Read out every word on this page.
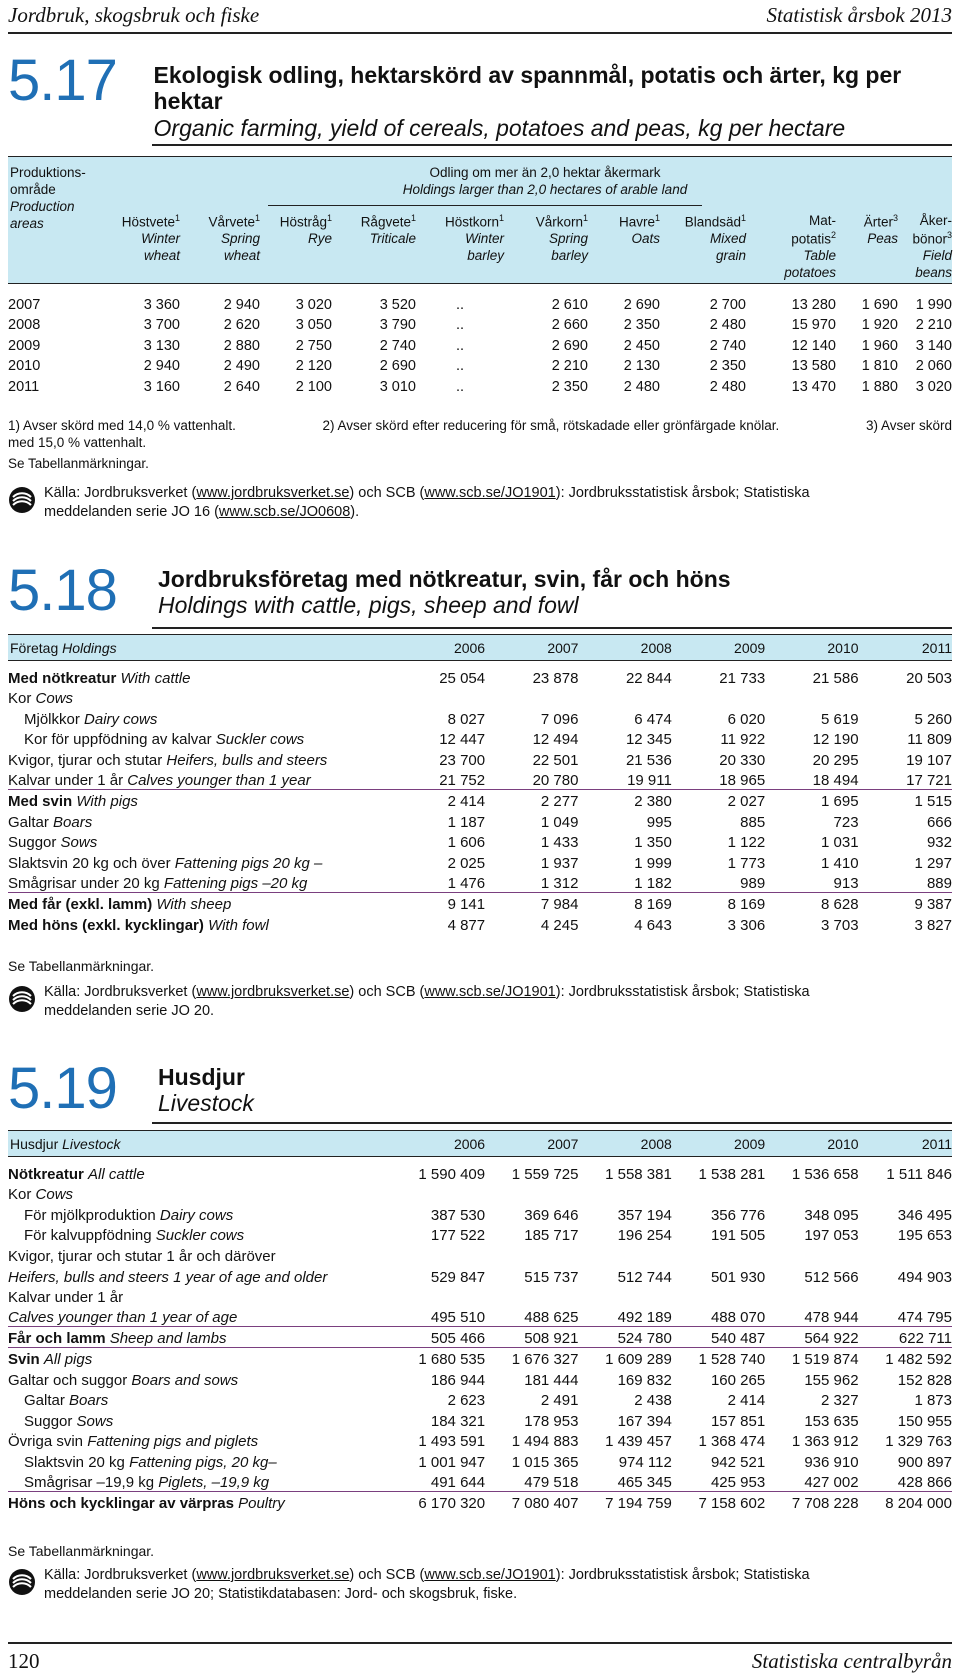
Jordbruk, skogsbruk och fiske	Statistisk årsbok 2013
5.17	Ekologisk odling, hektarskörd av spannmål, potatis och ärter, kg per hektar
Organic farming, yield of cereals, potatoes and peas, kg per hectare
Produktions-
område
Production
areas
Odling om mer än 2,0 hektar åkermark
Holdings larger than 2,0 hectares of arable land

Höstvete$^1$
Winter
wheat

Vårvete$^1$
Spring
wheat

Höstråg$^1$
Rye

Rågvete$^1$
Triticale

Höstkorn$^1$
Winter
barley

Vårkorn$^1$
Spring
barley

Havre$^1$
Oats

Blandsäd$^1$
Mixed
grain

Mat-
potatis$^2$
Table
potatoes

Ärter$^3$
Peas

Åker-
bönor$^3$
Field
beans
2007	3 360	2 940	3 020	3 520	..	2 610	2 690	2 700	13 280	1 690	1 990
2008	3 700	2 620	3 050	3 790	..	2 660	2 350	2 480	15 970	1 920	2 210
2009	3 130	2 880	2 750	2 740	..	2 690	2 450	2 740	12 140	1 960	3 140
2010	2 940	2 490	2 120	2 690	..	2 210	2 130	2 350	13 580	1 810	2 060
2011	3 160	2 640	2 100	3 010	..	2 350	2 480	2 480	13 470	1 880	3 020
1) Avser skörd med 14,0 % vattenhalt.	2) Avser skörd efter reducering för små, rötskadade eller grönfärgade knölar.	3) Avser skörd
med 15,0 % vattenhalt.
Se Tabellanmärkningar.
Källa: Jordbruksverket (www.jordbruksverket.se) och SCB (www.scb.se/JO1901): Jordbruksstatistisk årsbok; Statistiska
meddelanden serie JO 16 (www.scb.se/JO0608).
5.18	Jordbruksföretag med nötkreatur, svin, får och höns
Holdings with cattle, pigs, sheep and fowl
Företag Holdings	2006	2007	2008	2009	2010	2011
Med nötkreatur With cattle	25 054	23 878	22 844	21 733	21 586	20 503
Kor Cows						
Mjölkkor Dairy cows	8 027	7 096	6 474	6 020	5 619	5 260
Kor för uppfödning av kalvar Suckler cows	12 447	12 494	12 345	11 922	12 190	11 809
Kvigor, tjurar och stutar Heifers, bulls and steers	23 700	22 501	21 536	20 330	20 295	19 107
Kalvar under 1 år Calves younger than 1 year	21 752	20 780	19 911	18 965	18 494	17 721
Med svin With pigs	2 414	2 277	2 380	2 027	1 695	1 515
Galtar Boars	1 187	1 049	995	885	723	666
Suggor Sows	1 606	1 433	1 350	1 122	1 031	932
Slaktsvin 20 kg och över Fattening pigs 20 kg –	2 025	1 937	1 999	1 773	1 410	1 297
Smågrisar under 20 kg Fattening pigs –20 kg	1 476	1 312	1 182	989	913	889
Med får (exkl. lamm) With sheep	9 141	7 984	8 169	8 169	8 628	9 387
Med höns (exkl. kycklingar) With fowl	4 877	4 245	4 643	3 306	3 703	3 827
Se Tabellanmärkningar.
Källa: Jordbruksverket (www.jordbruksverket.se) och SCB (www.scb.se/JO1901): Jordbruksstatistisk årsbok; Statistiska
meddelanden serie JO 20.
5.19	Husdjur
Livestock
Husdjur Livestock	2006	2007	2008	2009	2010	2011
Nötkreatur All cattle	1 590 409	1 559 725	1 558 381	1 538 281	1 536 658	1 511 846
Kor Cows						
För mjölkproduktion Dairy cows	387 530	369 646	357 194	356 776	348 095	346 495
För kalvuppfödning Suckler cows	177 522	185 717	196 254	191 505	197 053	195 653
Kvigor, tjurar och stutar 1 år och däröver						
Heifers, bulls and steers 1 year of age and older	529 847	515 737	512 744	501 930	512 566	494 903
Kalvar under 1 år						
Calves younger than 1 year of age	495 510	488 625	492 189	488 070	478 944	474 795
Får och lamm Sheep and lambs	505 466	508 921	524 780	540 487	564 922	622 711
Svin All pigs	1 680 535	1 676 327	1 609 289	1 528 740	1 519 874	1 482 592
Galtar och suggor Boars and sows	186 944	181 444	169 832	160 265	155 962	152 828
Galtar Boars	2 623	2 491	2 438	2 414	2 327	1 873
Suggor Sows	184 321	178 953	167 394	157 851	153 635	150 955
Övriga svin Fattening pigs and piglets	1 493 591	1 494 883	1 439 457	1 368 474	1 363 912	1 329 763
Slaktsvin 20 kg Fattening pigs, 20 kg–	1 001 947	1 015 365	974 112	942 521	936 910	900 897
Smågrisar –19,9 kg Piglets, –19,9 kg	491 644	479 518	465 345	425 953	427 002	428 866
Höns och kycklingar av värpras Poultry	6 170 320	7 080 407	7 194 759	7 158 602	7 708 228	8 204 000
Se Tabellanmärkningar.
Källa: Jordbruksverket (www.jordbruksverket.se) och SCB (www.scb.se/JO1901): Jordbruksstatistisk årsbok; Statistiska
meddelanden serie JO 20; Statistikdatabasen: Jord- och skogsbruk, fiske.
120	Statistiska centralbyrån
